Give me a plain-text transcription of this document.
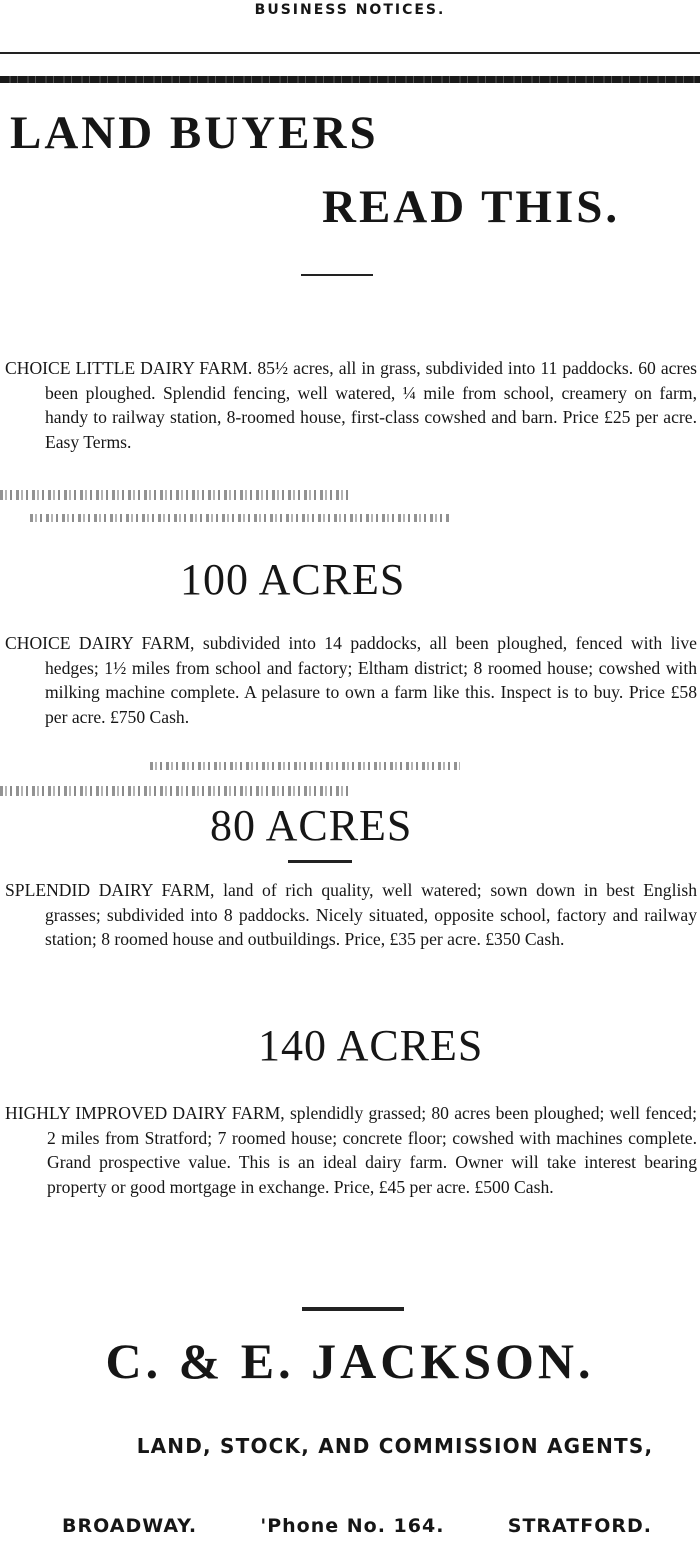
BUSINESS NOTICES.
LAND BUYERS
READ THIS.

CHOICE LITTLE DAIRY FARM. 85½ acres, all in grass, subdivided into 11 paddocks. 60 acres been ploughed. Splendid fencing, well watered, ¼ mile from school, creamery on farm, handy to railway station, 8-roomed house, first-class cowshed and barn. Price £25 per acre. Easy Terms.

100 ACRES

CHOICE DAIRY FARM, subdivided into 14 paddocks, all been ploughed, fenced with live hedges; 1½ miles from school and factory; Eltham district; 8 roomed house; cowshed with milking machine complete. A pelasure to own a farm like this. Inspect is to buy. Price £58 per acre. £750 Cash.

80 ACRES

SPLENDID DAIRY FARM, land of rich quality, well watered; sown down in best English grasses; subdivided into 8 paddocks. Nicely situated, opposite school, factory and railway station; 8 roomed house and outbuildings. Price, £35 per acre. £350 Cash.

140 ACRES

HIGHLY IMPROVED DAIRY FARM, splendidly grassed; 80 acres been ploughed; well fenced; 2 miles from Stratford; 7 roomed house; concrete floor; cowshed with machines complete. Grand prospective value. This is an ideal dairy farm. Owner will take interest bearing property or good mortgage in exchange. Price, £45 per acre. £500 Cash.

C. & E. JACKSON.
LAND, STOCK, AND COMMISSION AGENTS,
BROADWAY.	'Phone No. 164.	STRATFORD.
